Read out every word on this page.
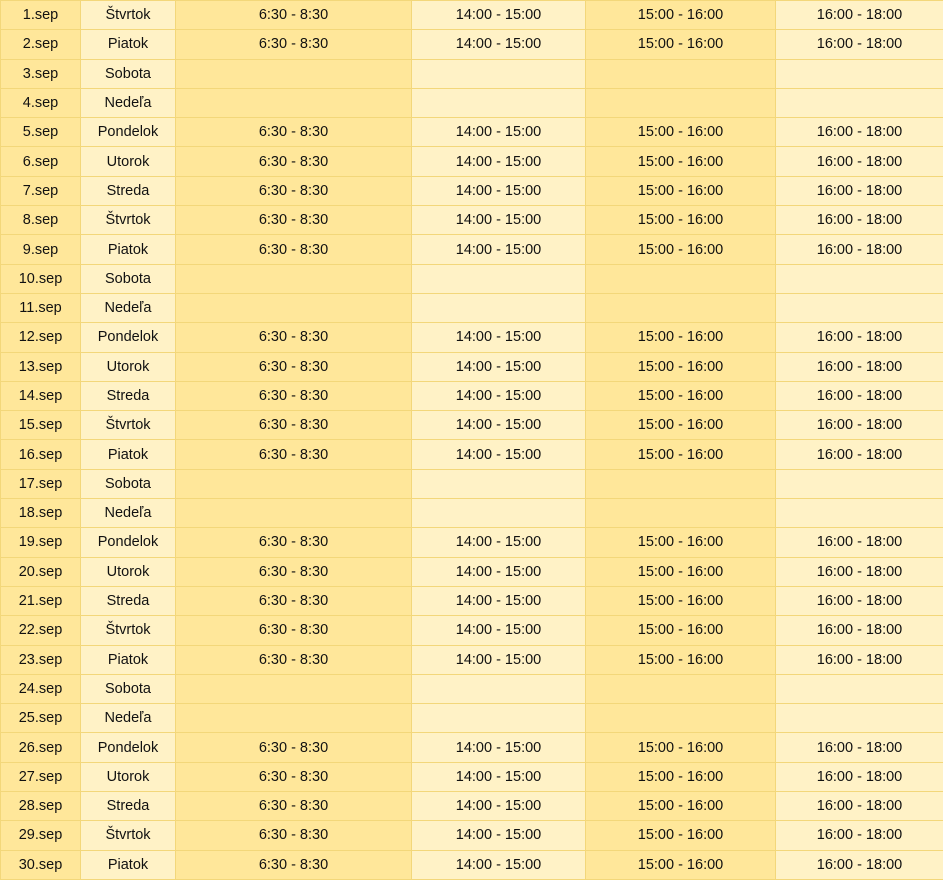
1.sep	Štvrtok	6:30 - 8:30	14:00 - 15:00	15:00 - 16:00	16:00 - 18:00
2.sep	Piatok	6:30 - 8:30	14:00 - 15:00	15:00 - 16:00	16:00 - 18:00
3.sep	Sobota				
4.sep	Nedeľa				
5.sep	Pondelok	6:30 - 8:30	14:00 - 15:00	15:00 - 16:00	16:00 - 18:00
6.sep	Utorok	6:30 - 8:30	14:00 - 15:00	15:00 - 16:00	16:00 - 18:00
7.sep	Streda	6:30 - 8:30	14:00 - 15:00	15:00 - 16:00	16:00 - 18:00
8.sep	Štvrtok	6:30 - 8:30	14:00 - 15:00	15:00 - 16:00	16:00 - 18:00
9.sep	Piatok	6:30 - 8:30	14:00 - 15:00	15:00 - 16:00	16:00 - 18:00
10.sep	Sobota				
11.sep	Nedeľa				
12.sep	Pondelok	6:30 - 8:30	14:00 - 15:00	15:00 - 16:00	16:00 - 18:00
13.sep	Utorok	6:30 - 8:30	14:00 - 15:00	15:00 - 16:00	16:00 - 18:00
14.sep	Streda	6:30 - 8:30	14:00 - 15:00	15:00 - 16:00	16:00 - 18:00
15.sep	Štvrtok	6:30 - 8:30	14:00 - 15:00	15:00 - 16:00	16:00 - 18:00
16.sep	Piatok	6:30 - 8:30	14:00 - 15:00	15:00 - 16:00	16:00 - 18:00
17.sep	Sobota				
18.sep	Nedeľa				
19.sep	Pondelok	6:30 - 8:30	14:00 - 15:00	15:00 - 16:00	16:00 - 18:00
20.sep	Utorok	6:30 - 8:30	14:00 - 15:00	15:00 - 16:00	16:00 - 18:00
21.sep	Streda	6:30 - 8:30	14:00 - 15:00	15:00 - 16:00	16:00 - 18:00
22.sep	Štvrtok	6:30 - 8:30	14:00 - 15:00	15:00 - 16:00	16:00 - 18:00
23.sep	Piatok	6:30 - 8:30	14:00 - 15:00	15:00 - 16:00	16:00 - 18:00
24.sep	Sobota				
25.sep	Nedeľa				
26.sep	Pondelok	6:30 - 8:30	14:00 - 15:00	15:00 - 16:00	16:00 - 18:00
27.sep	Utorok	6:30 - 8:30	14:00 - 15:00	15:00 - 16:00	16:00 - 18:00
28.sep	Streda	6:30 - 8:30	14:00 - 15:00	15:00 - 16:00	16:00 - 18:00
29.sep	Štvrtok	6:30 - 8:30	14:00 - 15:00	15:00 - 16:00	16:00 - 18:00
30.sep	Piatok	6:30 - 8:30	14:00 - 15:00	15:00 - 16:00	16:00 - 18:00
